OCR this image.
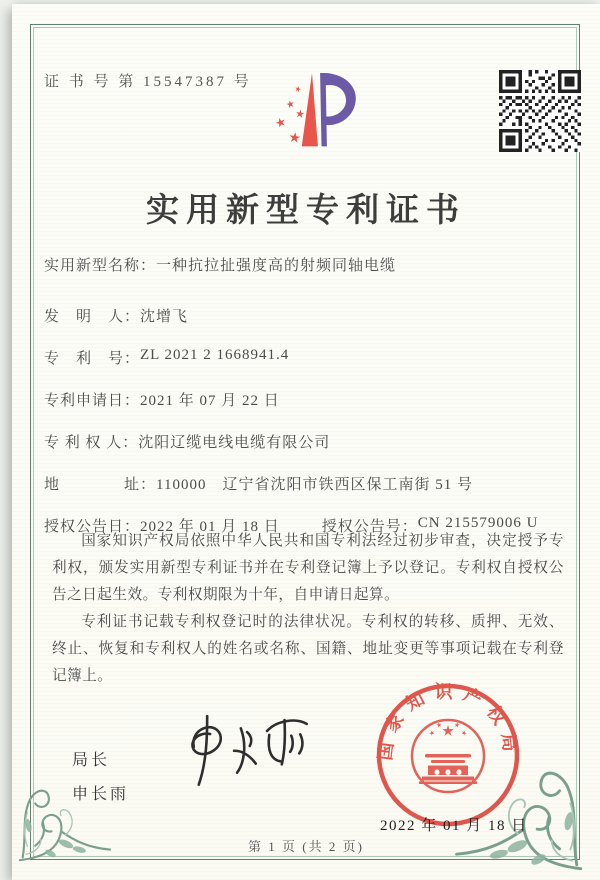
证 书 号 第 15547387 号
实用新型专利证书
实用新型名称： 一种抗拉扯强度高的射频同轴电缆
发　明　人： 沈增飞
专　利　号： ZL 2021 2 1668941.4
专利申请日： 2021 年 07 月 22 日
专 利 权 人： 沈阳辽缆电线电缆有限公司
地　　　　址： 110000　辽宁省沈阳市铁西区保工南街 51 号
授权公告日： 2022 年 01 月 18 日	授权公告号： CN 215579006 U

国家知识产权局依照中华人民共和国专利法经过初步审查，决定授予专利权，颁发实用新型专利证书并在专利登记簿上予以登记。专利权自授权公告之日起生效。专利权期限为十年，自申请日起算。

专利证书记载专利权登记时的法律状况。专利权的转移、质押、无效、终止、恢复和专利权人的姓名或名称、国籍、地址变更等事项记载在专利登记簿上。

局长
申长雨
国家知识产权局
2022 年 01 月 18 日
第 1 页 (共 2 页)
